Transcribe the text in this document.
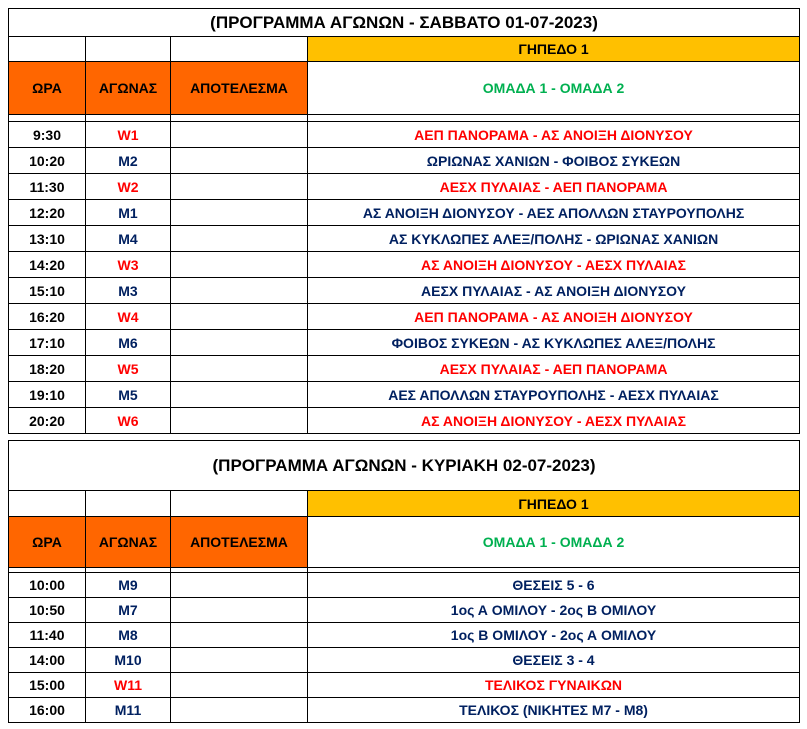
(ΠΡΟΓΡΑΜΜΑ ΑΓΩΝΩΝ - ΣΑΒΒΑΤΟ 01-07-2023)			
			ΓΗΠΕΔΟ 1
ΩΡΑ	ΑΓΩΝΑΣ	ΑΠΟΤΕΛΕΣΜΑ	ΟΜΑΔΑ 1 - ΟΜΑΔΑ 2

9:30	W1		ΑΕΠ ΠΑΝΟΡΑΜΑ - ΑΣ ΑΝΟΙΞΗ ΔΙΟΝΥΣΟΥ
10:20	M2		ΩΡΙΩΝΑΣ ΧΑΝΙΩΝ - ΦΟΙΒΟΣ ΣΥΚΕΩΝ
11:30	W2		ΑΕΣΧ ΠΥΛΑΙΑΣ - ΑΕΠ ΠΑΝΟΡΑΜΑ
12:20	M1		ΑΣ ΑΝΟΙΞΗ ΔΙΟΝΥΣΟΥ - ΑΕΣ ΑΠΟΛΛΩΝ ΣΤΑΥΡΟΥΠΟΛΗΣ
13:10	M4		ΑΣ ΚΥΚΛΩΠΕΣ ΑΛΕΞ/ΠΟΛΗΣ - ΩΡΙΩΝΑΣ ΧΑΝΙΩΝ
14:20	W3		ΑΣ ΑΝΟΙΞΗ ΔΙΟΝΥΣΟΥ - ΑΕΣΧ ΠΥΛΑΙΑΣ
15:10	M3		ΑΕΣΧ ΠΥΛΑΙΑΣ - ΑΣ ΑΝΟΙΞΗ ΔΙΟΝΥΣΟΥ
16:20	W4		ΑΕΠ ΠΑΝΟΡΑΜΑ - ΑΣ ΑΝΟΙΞΗ ΔΙΟΝΥΣΟΥ
17:10	M6		ΦΟΙΒΟΣ ΣΥΚΕΩΝ - ΑΣ ΚΥΚΛΩΠΕΣ ΑΛΕΞ/ΠΟΛΗΣ
18:20	W5		ΑΕΣΧ ΠΥΛΑΙΑΣ - ΑΕΠ ΠΑΝΟΡΑΜΑ
19:10	M5		ΑΕΣ ΑΠΟΛΛΩΝ ΣΤΑΥΡΟΥΠΟΛΗΣ - ΑΕΣΧ ΠΥΛΑΙΑΣ
20:20	W6		ΑΣ ΑΝΟΙΞΗ ΔΙΟΝΥΣΟΥ - ΑΕΣΧ ΠΥΛΑΙΑΣ
(ΠΡΟΓΡΑΜΜΑ ΑΓΩΝΩΝ - ΚΥΡΙΑΚΗ 02-07-2023)			
			ΓΗΠΕΔΟ 1
ΩΡΑ	ΑΓΩΝΑΣ	ΑΠΟΤΕΛΕΣΜΑ	ΟΜΑΔΑ 1 - ΟΜΑΔΑ 2

10:00	M9		ΘΕΣΕΙΣ 5 - 6
10:50	M7		1ος Α ΟΜΙΛΟΥ - 2ος Β ΟΜΙΛΟΥ
11:40	M8		1ος Β ΟΜΙΛΟΥ - 2ος Α ΟΜΙΛΟΥ
14:00	M10		ΘΕΣΕΙΣ 3 - 4
15:00	W11		ΤΕΛΙΚΟΣ ΓΥΝΑΙΚΩΝ
16:00	M11		ΤΕΛΙΚΟΣ (ΝΙΚΗΤΕΣ Μ7 - Μ8)
